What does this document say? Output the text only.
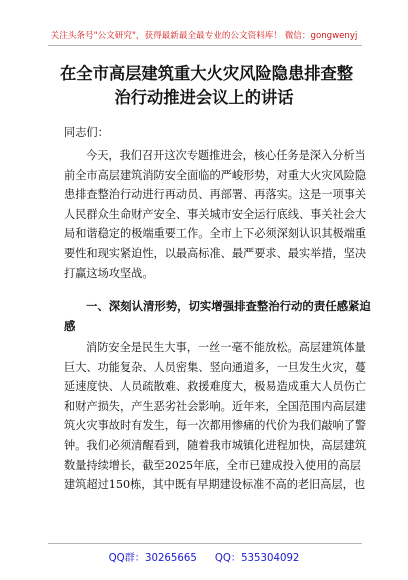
关注头条号"公文研究"，获得最新最全最专业的公文资料库！ 微信：gongwenyj
在全市高层建筑重大火灾风险隐患排查整
治行动推进会议上的讲话
同志们：
今天，我们召开这次专题推进会，核心任务是深入分析当
前全市高层建筑消防安全面临的严峻形势，对重大火灾风险隐
患排查整治行动进行再动员、再部署、再落实。这是一项事关
人民群众生命财产安全、事关城市安全运行底线、事关社会大
局和谐稳定的极端重要工作。全市上下必须深刻认识其极端重
要性和现实紧迫性，以最高标准、最严要求、最实举措，坚决
打赢这场攻坚战。
一、深刻认清形势，切实增强排查整治行动的责任感紧迫
感
消防安全是民生大事，一丝一毫不能放松。高层建筑体量
巨大、功能复杂、人员密集、竖向通道多，一旦发生火灾，蔓
延速度快、人员疏散难、救援难度大，极易造成重大人员伤亡
和财产损失，产生恶劣社会影响。近年来，全国范围内高层建
筑火灾事故时有发生，每一次都用惨痛的代价为我们敲响了警
钟。我们必须清醒看到，随着我市城镇化进程加快，高层建筑
数量持续增长，截至2025年底，全市已建成投入使用的高层
建筑超过150栋，其中既有早期建设标准不高的老旧高层，也
QQ群：30265665 QQ：535304092
